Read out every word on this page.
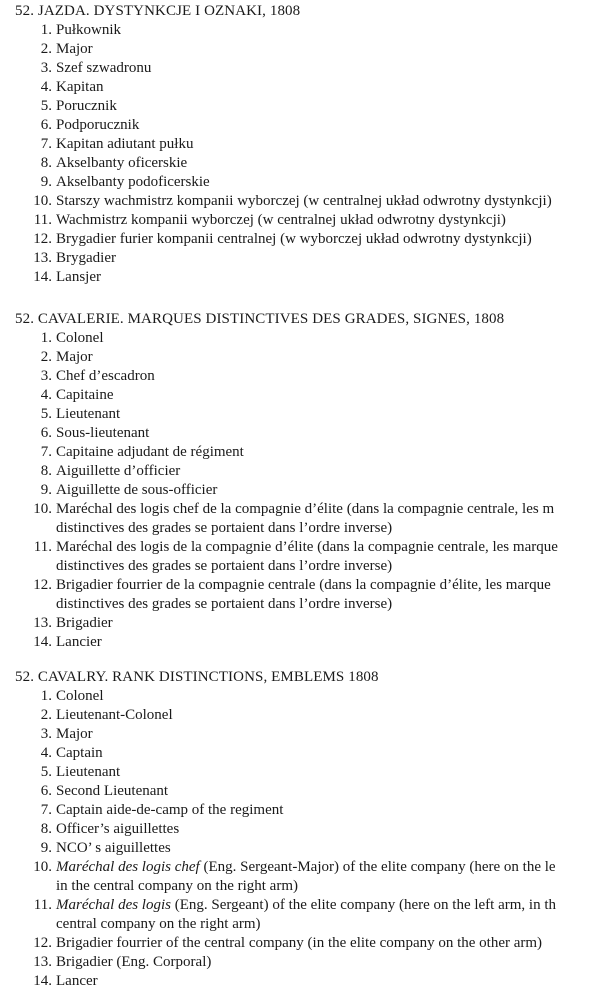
52. JAZDA. DYSTYNKCJE I OZNAKI, 1808
1. Pułkownik
2. Major
3. Szef szwadronu
4. Kapitan
5. Porucznik
6. Podporucznik
7. Kapitan adiutant pułku
8. Akselbanty oficerskie
9. Akselbanty podoficerskie
10. Starszy wachmistrz kompanii wyborczej (w centralnej układ odwrotny dystynkcji)
11. Wachmistrz kompanii wyborczej (w centralnej układ odwrotny dystynkcji)
12. Brygadier furier kompanii centralnej (w wyborczej układ odwrotny dystynkcji)
13. Brygadier
14. Lansjer
52. CAVALERIE. MARQUES DISTINCTIVES DES GRADES, SIGNES, 1808
1. Colonel
2. Major
3. Chef d’escadron
4. Capitaine
5. Lieutenant
6. Sous-lieutenant
7. Capitaine adjudant de régiment
8. Aiguillette d’officier
9. Aiguillette de sous-officier
10. Maréchal des logis chef de la compagnie d’élite (dans la compagnie centrale, les m
distinctives des grades se portaient dans l’ordre inverse)
11. Maréchal des logis de la compagnie d’élite (dans la compagnie centrale, les marque
distinctives des grades se portaient dans l’ordre inverse)
12. Brigadier fourrier de la compagnie centrale (dans la compagnie d’élite, les marque
distinctives des grades se portaient dans l’ordre inverse)
13. Brigadier
14. Lancier
52. CAVALRY. RANK DISTINCTIONS, EMBLEMS 1808
1. Colonel
2. Lieutenant-Colonel
3. Major
4. Captain
5. Lieutenant
6. Second Lieutenant
7. Captain aide-de-camp of the regiment
8. Officer’s aiguillettes
9. NCO’ s aiguillettes
10. Maréchal des logis chef (Eng. Sergeant-Major) of the elite company (here on the le
in the central company on the right arm)
11. Maréchal des logis (Eng. Sergeant) of the elite company (here on the left arm, in th
central company on the right arm)
12. Brigadier fourrier of the central company (in the elite company on the other arm)
13. Brigadier (Eng. Corporal)
14. Lancer
